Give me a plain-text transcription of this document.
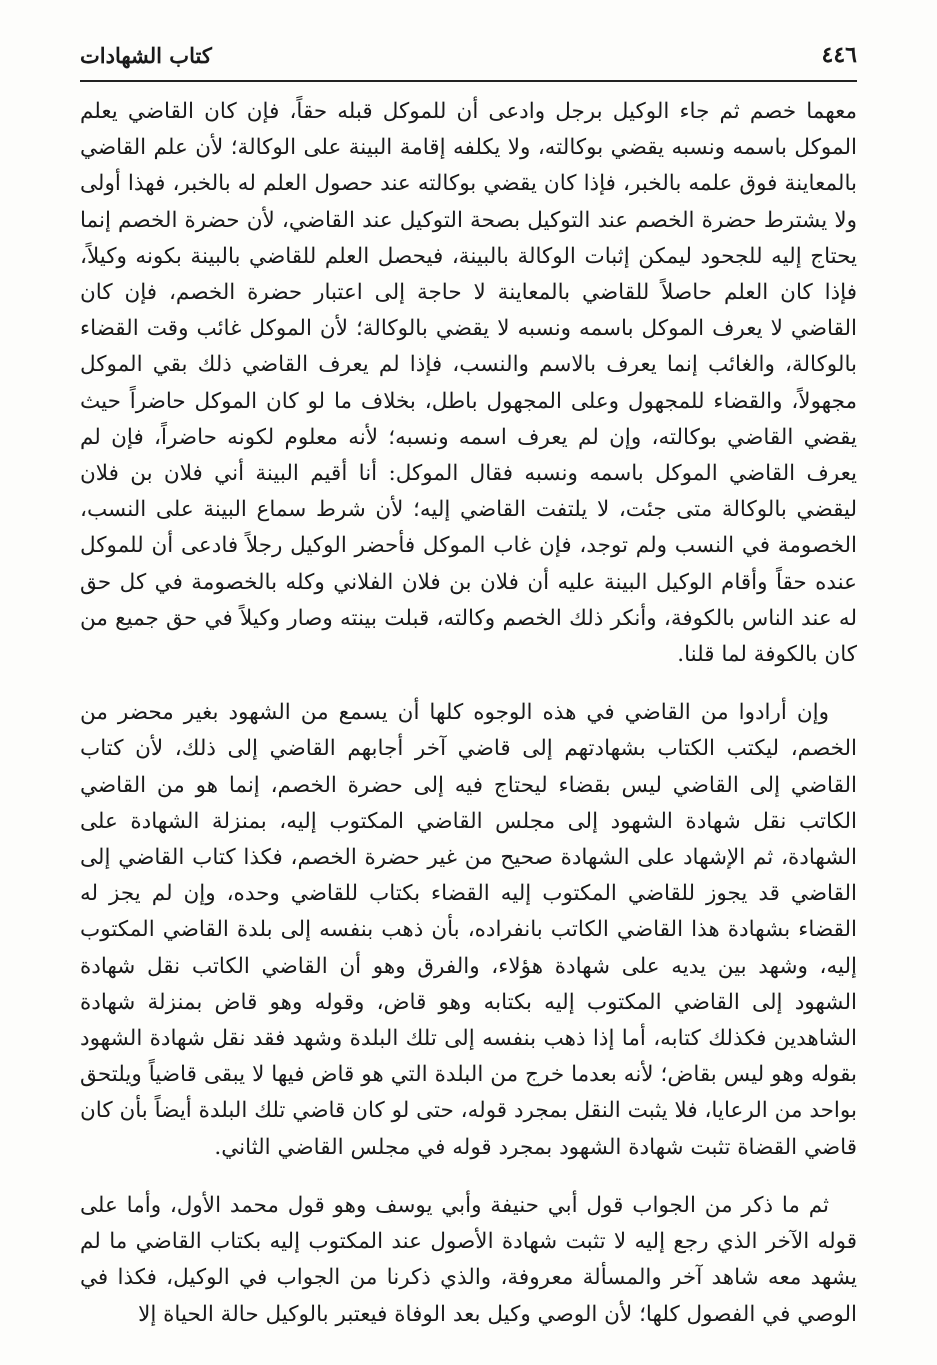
٤٤٦
كتاب الشهادات

معهما خصم ثم جاء الوكيل برجل وادعى أن للموكل قبله حقاً، فإن كان القاضي يعلم الموكل باسمه ونسبه يقضي بوكالته، ولا يكلفه إقامة البينة على الوكالة؛ لأن علم القاضي بالمعاينة فوق علمه بالخبر، فإذا كان يقضي بوكالته عند حصول العلم له بالخبر، فهذا أولى ولا يشترط حضرة الخصم عند التوكيل بصحة التوكيل عند القاضي، لأن حضرة الخصم إنما يحتاج إليه للجحود ليمكن إثبات الوكالة بالبينة، فيحصل العلم للقاضي بالبينة بكونه وكيلاً، فإذا كان العلم حاصلاً للقاضي بالمعاينة لا حاجة إلى اعتبار حضرة الخصم، فإن كان القاضي لا يعرف الموكل باسمه ونسبه لا يقضي بالوكالة؛ لأن الموكل غائب وقت القضاء بالوكالة، والغائب إنما يعرف بالاسم والنسب، فإذا لم يعرف القاضي ذلك بقي الموكل مجهولاً، والقضاء للمجهول وعلى المجهول باطل، بخلاف ما لو كان الموكل حاضراً حيث يقضي القاضي بوكالته، وإن لم يعرف اسمه ونسبه؛ لأنه معلوم لكونه حاضراً، فإن لم يعرف القاضي الموكل باسمه ونسبه فقال الموكل: أنا أقيم البينة أني فلان بن فلان ليقضي بالوكالة متى جئت، لا يلتفت القاضي إليه؛ لأن شرط سماع البينة على النسب، الخصومة في النسب ولم توجد، فإن غاب الموكل فأحضر الوكيل رجلاً فادعى أن للموكل عنده حقاً وأقام الوكيل البينة عليه أن فلان بن فلان الفلاني وكله بالخصومة في كل حق له عند الناس بالكوفة، وأنكر ذلك الخصم وكالته، قبلت بينته وصار وكيلاً في حق جميع من كان بالكوفة لما قلنا.

وإن أرادوا من القاضي في هذه الوجوه كلها أن يسمع من الشهود بغير محضر من الخصم، ليكتب الكتاب بشهادتهم إلى قاضي آخر أجابهم القاضي إلى ذلك، لأن كتاب القاضي إلى القاضي ليس بقضاء ليحتاج فيه إلى حضرة الخصم، إنما هو من القاضي الكاتب نقل شهادة الشهود إلى مجلس القاضي المكتوب إليه، بمنزلة الشهادة على الشهادة، ثم الإشهاد على الشهادة صحيح من غير حضرة الخصم، فكذا كتاب القاضي إلى القاضي قد يجوز للقاضي المكتوب إليه القضاء بكتاب للقاضي وحده، وإن لم يجز له القضاء بشهادة هذا القاضي الكاتب بانفراده، بأن ذهب بنفسه إلى بلدة القاضي المكتوب إليه، وشهد بين يديه على شهادة هؤلاء، والفرق وهو أن القاضي الكاتب نقل شهادة الشهود إلى القاضي المكتوب إليه بكتابه وهو قاض، وقوله وهو قاض بمنزلة شهادة الشاهدين فكذلك كتابه، أما إذا ذهب بنفسه إلى تلك البلدة وشهد فقد نقل شهادة الشهود بقوله وهو ليس بقاض؛ لأنه بعدما خرج من البلدة التي هو قاض فيها لا يبقى قاضياً ويلتحق بواحد من الرعايا، فلا يثبت النقل بمجرد قوله، حتى لو كان قاضي تلك البلدة أيضاً بأن كان قاضي القضاة تثبت شهادة الشهود بمجرد قوله في مجلس القاضي الثاني.

ثم ما ذكر من الجواب قول أبي حنيفة وأبي يوسف وهو قول محمد الأول، وأما على قوله الآخر الذي رجع إليه لا تثبت شهادة الأصول عند المكتوب إليه بكتاب القاضي ما لم يشهد معه شاهد آخر والمسألة معروفة، والذي ذكرنا من الجواب في الوكيل، فكذا في الوصي في الفصول كلها؛ لأن الوصي وكيل بعد الوفاة فيعتبر بالوكيل حالة الحياة إلا
